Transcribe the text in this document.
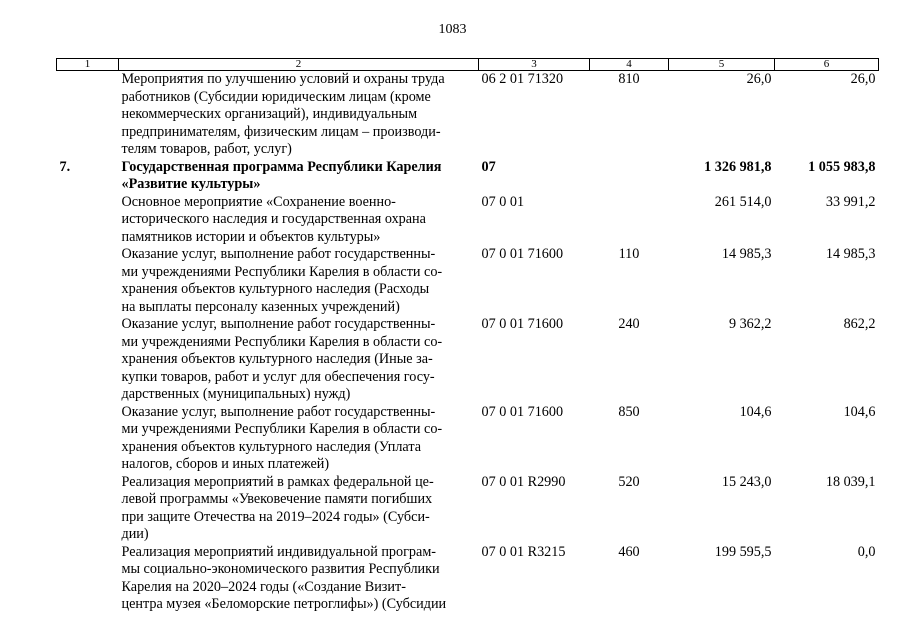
1083
1	2	3	4	5	6

	Мероприятия по улучшению условий и охраны труда
работников (Субсидии юридическим лицам (кроме
некоммерческих организаций), индивидуальным
предпринимателям, физическим лицам – производи-
телям товаров, работ, услуг)	06 2 01 71320	810	26,0	26,0
7.	Государственная программа Республики Карелия
«Развитие культуры»	07		1 326 981,8	1 055 983,8

	Основное мероприятие «Сохранение военно-
исторического наследия и государственная охрана
памятников истории и объектов культуры»	07 0 01		261 514,0	33 991,2

	Оказание услуг, выполнение работ государственны-
ми учреждениями Республики Карелия в области со-
хранения объектов культурного наследия (Расходы
на выплаты персоналу казенных учреждений)	07 0 01 71600	110	14 985,3	14 985,3

	Оказание услуг, выполнение работ государственны-
ми учреждениями Республики Карелия в области со-
хранения объектов культурного наследия (Иные за-
купки товаров, работ и услуг для обеспечения госу-
дарственных (муниципальных) нужд)	07 0 01 71600	240	9 362,2	862,2

	Оказание услуг, выполнение работ государственны-
ми учреждениями Республики Карелия в области со-
хранения объектов культурного наследия (Уплата
налогов, сборов и иных платежей)	07 0 01 71600	850	104,6	104,6

	Реализация мероприятий в рамках федеральной це-
левой программы «Увековечение памяти погибших
при защите Отечества на 2019–2024 годы» (Субси-
дии)	07 0 01 R2990	520	15 243,0	18 039,1

	Реализация мероприятий индивидуальной програм-
мы социально-экономического развития Республики
Карелия на 2020–2024 годы («Создание Визит-
центра музея «Беломорские петроглифы») (Субсидии	07 0 01 R3215	460	199 595,5	0,0
